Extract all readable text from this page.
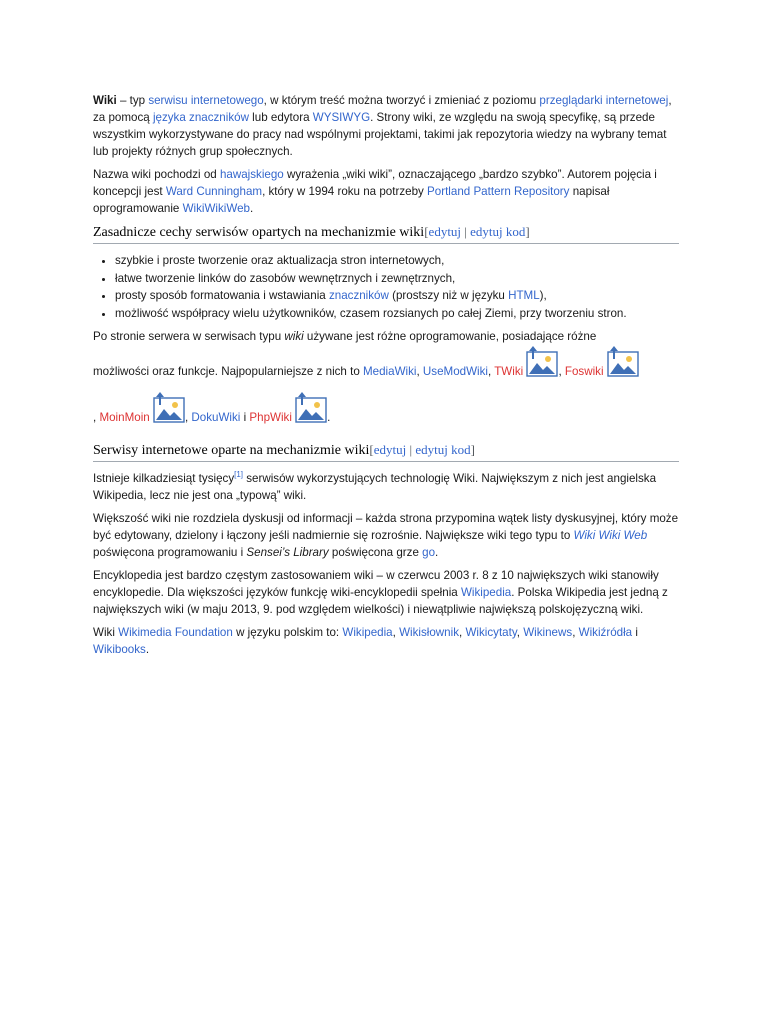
Wiki – typ serwisu internetowego, w którym treść można tworzyć i zmieniać z poziomu przeglądarki internetowej, za pomocą języka znaczników lub edytora WYSIWYG. Strony wiki, ze względu na swoją specyfikę, są przede wszystkim wykorzystywane do pracy nad wspólnymi projektami, takimi jak repozytoria wiedzy na wybrany temat lub projekty różnych grup społecznych.

Nazwa wiki pochodzi od hawajskiego wyrażenia „wiki wiki”, oznaczającego „bardzo szybko”. Autorem pojęcia i koncepcji jest Ward Cunningham, który w 1994 roku na potrzeby Portland Pattern Repository napisał oprogramowanie WikiWikiWeb.

Zasadnicze cechy serwisów opartych na mechanizmie wiki[edytuj | edytuj kod]
• szybkie i proste tworzenie oraz aktualizacja stron internetowych,
• łatwe tworzenie linków do zasobów wewnętrznych i zewnętrznych,
• prosty sposób formatowania i wstawiania znaczników (prostszy niż w języku HTML),
• możliwość współpracy wielu użytkowników, czasem rozsianych po całej Ziemi, przy tworzeniu stron.

Po stronie serwera w serwisach typu wiki używane jest różne oprogramowanie, posiadające różne

możliwości oraz funkcje. Najpopularniejsze z nich to MediaWiki, UseModWiki, TWiki	, Foswiki

, MoinMoin	, DokuWiki i PhpWiki	.

Serwisy internetowe oparte na mechanizmie wiki[edytuj | edytuj kod]

Istnieje kilkadziesiąt tysięcy[1] serwisów wykorzystujących technologię Wiki. Największym z nich jest angielska Wikipedia, lecz nie jest ona „typową” wiki.

Większość wiki nie rozdziela dyskusji od informacji – każda strona przypomina wątek listy dyskusyjnej, który może być edytowany, dzielony i łączony jeśli nadmiernie się rozrośnie. Największe wiki tego typu to Wiki Wiki Web poświęcona programowaniu i Sensei’s Library poświęcona grze go.

Encyklopedia jest bardzo częstym zastosowaniem wiki – w czerwcu 2003 r. 8 z 10 największych wiki stanowiły encyklopedie. Dla większości języków funkcję wiki-encyklopedii spełnia Wikipedia. Polska Wikipedia jest jedną z największych wiki (w maju 2013, 9. pod względem wielkości) i niewątpliwie największą polskojęzyczną wiki.

Wiki Wikimedia Foundation w języku polskim to: Wikipedia, Wikisłownik, Wikicytaty, Wikinews, Wikiźródła i Wikibooks.
